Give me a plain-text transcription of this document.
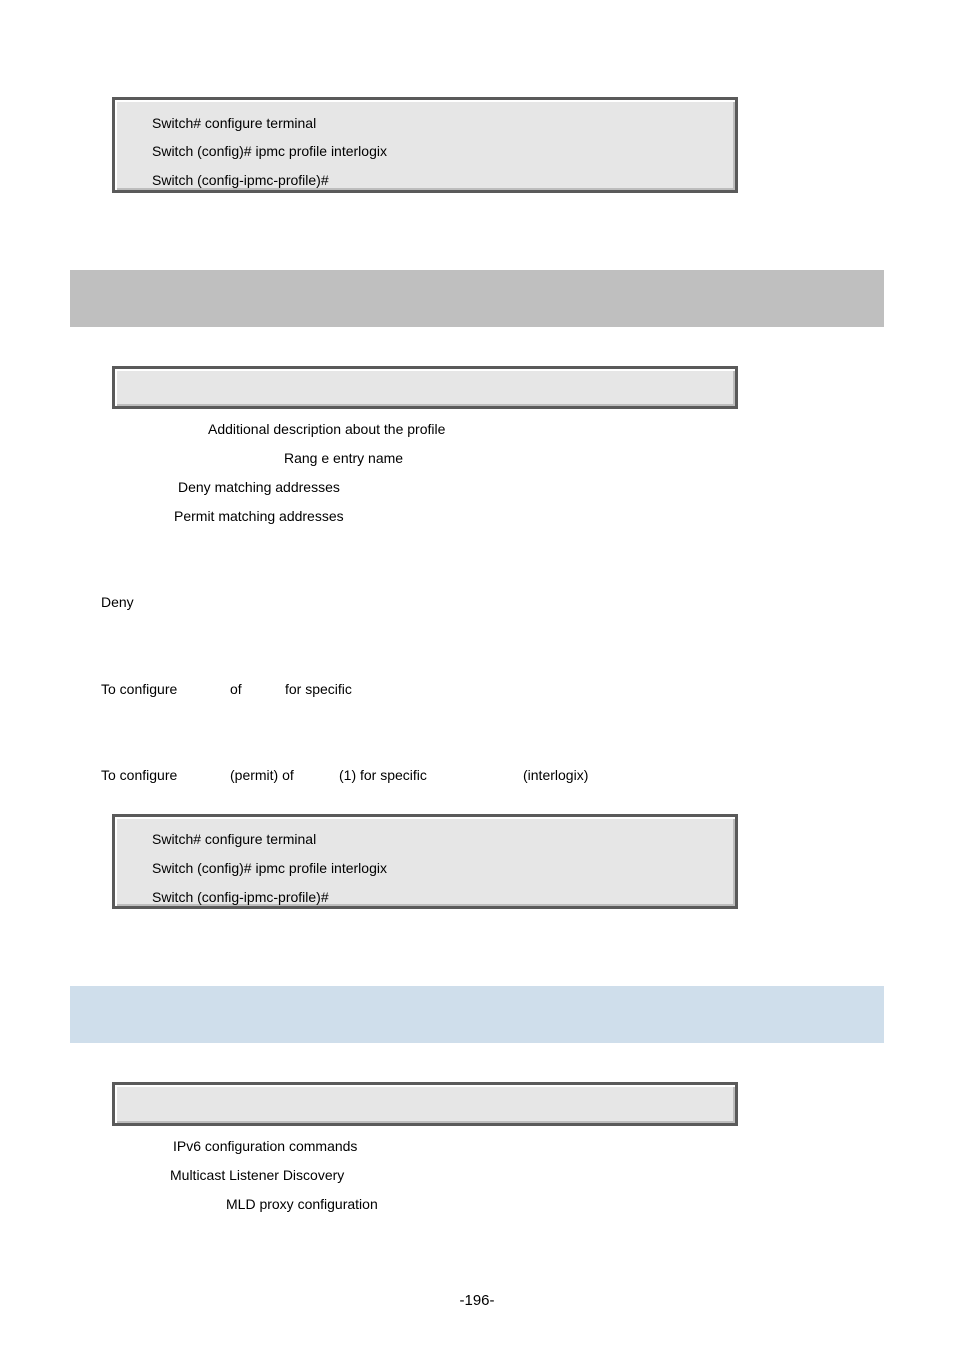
Switch# configure terminal
Switch (config)# ipmc profile interlogix
Switch (config-ipmc-profile)#
Additional description about the profile
Rang e entry name
Deny matching addresses
Permit matching addresses
Deny
To configure	of	for specific
To configure	(permit) of	(1) for specific	(interlogix)
Switch# configure terminal
Switch (config)# ipmc profile interlogix
Switch (config-ipmc-profile)#
IPv6 configuration commands
Multicast Listener Discovery
MLD proxy configuration
-196-
